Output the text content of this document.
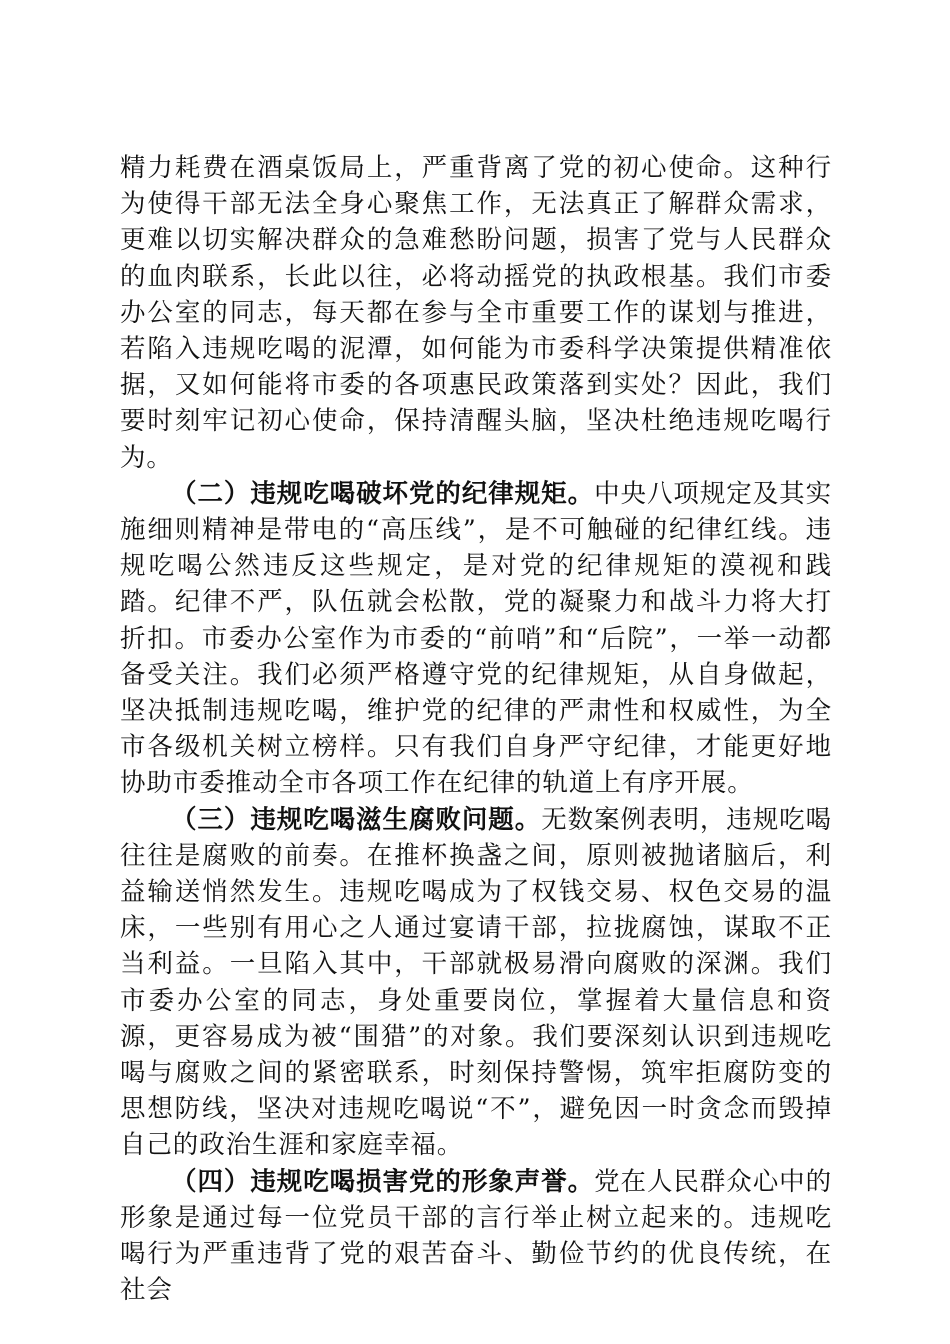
精力耗费在酒桌饭局上，严重背离了党的初心使命。这种行为使得干部无法全身心聚焦工作，无法真正了解群众需求，更难以切实解决群众的急难愁盼问题，损害了党与人民群众的血肉联系，长此以往，必将动摇党的执政根基。我们市委办公室的同志，每天都在参与全市重要工作的谋划与推进，若陷入违规吃喝的泥潭，如何能为市委科学决策提供精准依据，又如何能将市委的各项惠民政策落到实处？因此，我们要时刻牢记初心使命，保持清醒头脑，坚决杜绝违规吃喝行为。

（二）违规吃喝破坏党的纪律规矩。中央八项规定及其实施细则精神是带电的“高压线”，是不可触碰的纪律红线。违规吃喝公然违反这些规定，是对党的纪律规矩的漠视和践踏。纪律不严，队伍就会松散，党的凝聚力和战斗力将大打折扣。市委办公室作为市委的“前哨”和“后院”，一举一动都备受关注。我们必须严格遵守党的纪律规矩，从自身做起，坚决抵制违规吃喝，维护党的纪律的严肃性和权威性，为全市各级机关树立榜样。只有我们自身严守纪律，才能更好地协助市委推动全市各项工作在纪律的轨道上有序开展。

（三）违规吃喝滋生腐败问题。无数案例表明，违规吃喝往往是腐败的前奏。在推杯换盏之间，原则被抛诸脑后，利益输送悄然发生。违规吃喝成为了权钱交易、权色交易的温床，一些别有用心之人通过宴请干部，拉拢腐蚀，谋取不正当利益。一旦陷入其中，干部就极易滑向腐败的深渊。我们市委办公室的同志，身处重要岗位，掌握着大量信息和资源，更容易成为被“围猎”的对象。我们要深刻认识到违规吃喝与腐败之间的紧密联系，时刻保持警惕，筑牢拒腐防变的思想防线，坚决对违规吃喝说“不”，避免因一时贪念而毁掉自己的政治生涯和家庭幸福。

（四）违规吃喝损害党的形象声誉。党在人民群众心中的形象是通过每一位党员干部的言行举止树立起来的。违规吃喝行为严重违背了党的艰苦奋斗、勤俭节约的优良传统，在社会
